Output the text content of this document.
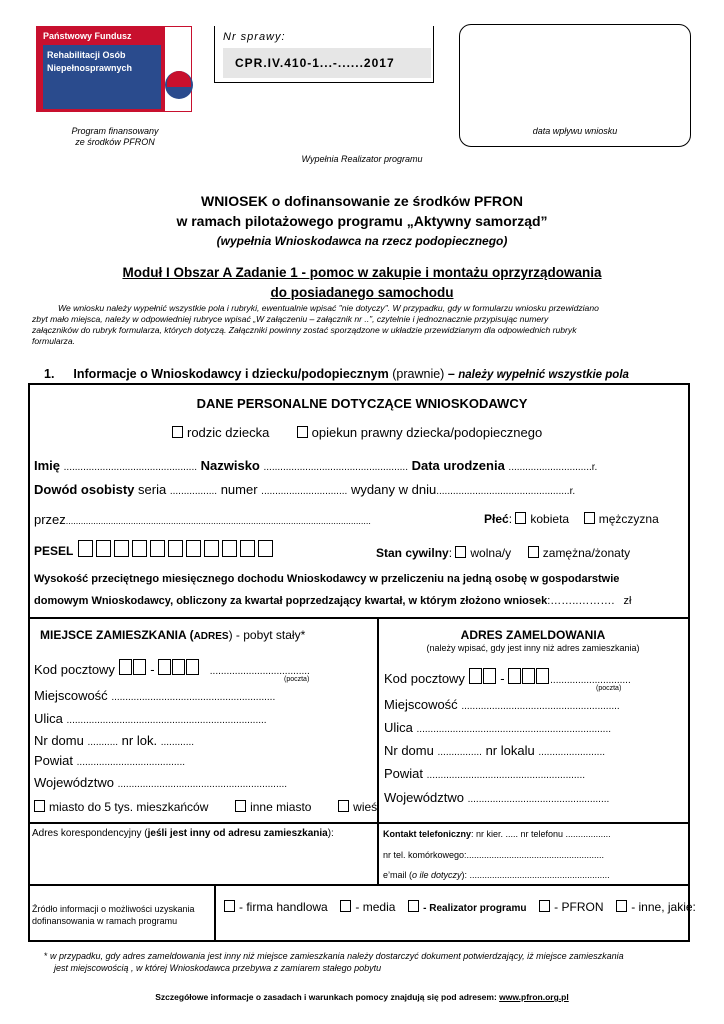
Państwowy Fundusz
Rehabilitacji Osób
Niepełnosprawnych
Program finansowany
ze środków PFRON
Nr sprawy:
CPR.IV.410-1...-......2017
data wpływu wniosku
Wypełnia Realizator programu
WNIOSEK o dofinansowanie ze środków PFRON
w ramach pilotażowego programu „Aktywny samorząd”
(wypełnia Wnioskodawca na rzecz podopiecznego)
Moduł I Obszar A Zadanie 1 - pomoc w zakupie i montażu oprzyrządowania
do posiadanego samochodu
We wniosku należy wypełnić wszystkie pola i rubryki, ewentualnie wpisać "nie dotyczy". W przypadku, gdy w formularzu wniosku przewidziano
zbyt mało miejsca, należy w odpowiedniej rubryce wpisać „W załączeniu – załącznik nr ..”, czytelnie i jednoznacznie przypisując numery
załączników do rubryk formularza, których dotyczą. Załączniki powinny zostać sporządzone w układzie przewidzianym dla odpowiednich rubryk
formularza.
1. Informacje o Wnioskodawcy i dziecku/podopiecznym (prawnie) – należy wypełnić wszystkie pola
DANE PERSONALNE DOTYCZĄCE WNIOSKODAWCY
rodzic dziecka	opiekun prawny dziecka/podopiecznego
Imię ................................................ Nazwisko .................................................... Data urodzenia ..............................r.
Dowód osobisty seria ................. numer ............................... wydany w dniu................................................r.
przez..........................................................................................................................	Płeć: kobieta mężczyzna
PESEL	Stan cywilny: wolna/y	zamężna/żonaty
Wysokość przeciętnego miesięcznego dochodu Wnioskodawcy w przeliczeniu na jedną osobę w gospodarstwie
domowym Wnioskodawcy, obliczony za kwartał poprzedzający kwartał, w którym złożono wniosek:……..………. zł
MIEJSCE ZAMIESZKANIA (ADRES) - pobyt stały*
Kod pocztowy	-	....................................
(poczta)
Miejscowość ...........................................................
Ulica ........................................................................
Nr domu ........... nr lok. ............
Powiat .......................................
Województwo .............................................................
miasto do 5 tys. mieszkańców	inne miasto	wieś
ADRES ZAMELDOWANIA
(należy wpisać, gdy jest inny niż adres zamieszkania)
Kod pocztowy	-	.............................
(poczta)
Miejscowość .........................................................
Ulica ......................................................................
Nr domu ................ nr lokalu ........................
Powiat .........................................................
Województwo ...................................................
Adres korespondencyjny (jeśli jest inny od adresu zamieszkania):	Kontakt telefoniczny: nr kier. ..... nr telefonu ..................
nr tel. komórkowego:.......................................................
e’mail (o ile dotyczy): ........................................................
Źródło informacji o możliwości uzyskania
dofinansowania w ramach programu
- firma handlowa - media	- Realizator programu - PFRON - inne, jakie:
* w przypadku, gdy adres zameldowania jest inny niż miejsce zamieszkania należy dostarczyć dokument potwierdzający, iż miejsce zamieszkania
jest miejscowością , w której Wnioskodawca przebywa z zamiarem stałego pobytu
Szczegółowe informacje o zasadach i warunkach pomocy znajdują się pod adresem: www.pfron.org.pl
